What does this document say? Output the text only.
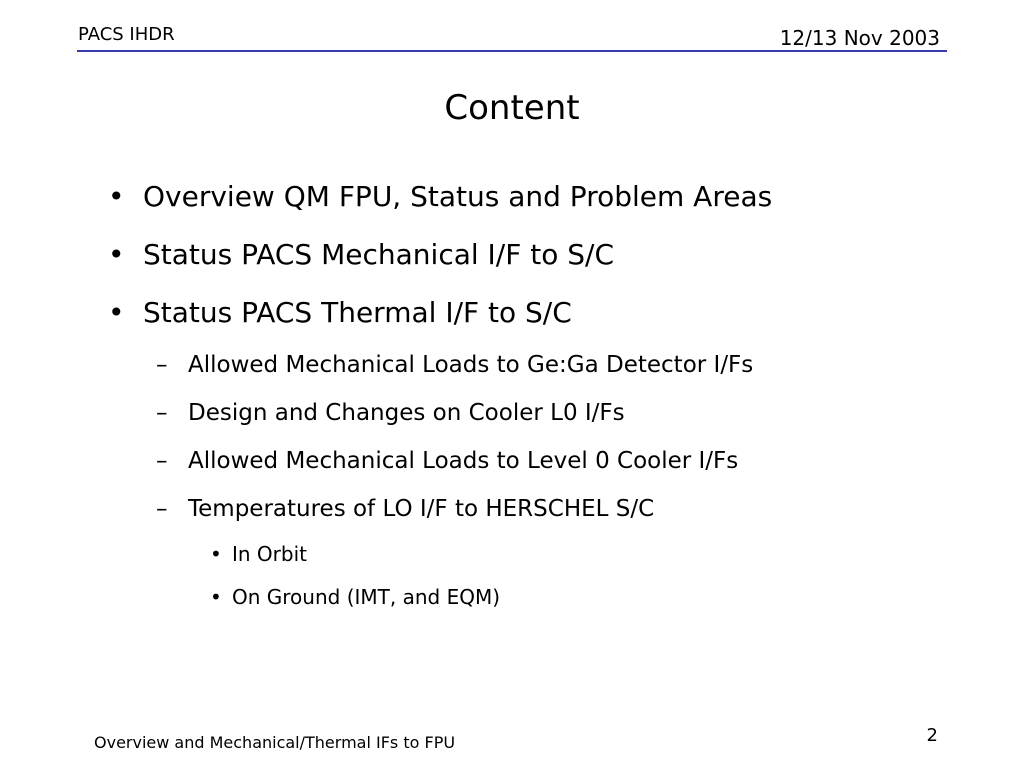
PACS IHDR	12/13 Nov 2003
Content
• Overview QM FPU, Status and Problem Areas
• Status PACS Mechanical I/F to S/C
• Status PACS Thermal I/F to S/C
– Allowed Mechanical Loads to Ge:Ga Detector I/Fs
– Design and Changes on Cooler L0 I/Fs
– Allowed Mechanical Loads to Level 0 Cooler I/Fs
– Temperatures of LO I/F to HERSCHEL S/C
• In Orbit
• On Ground (IMT, and EQM)
Overview and Mechanical/Thermal IFs to FPU	2
